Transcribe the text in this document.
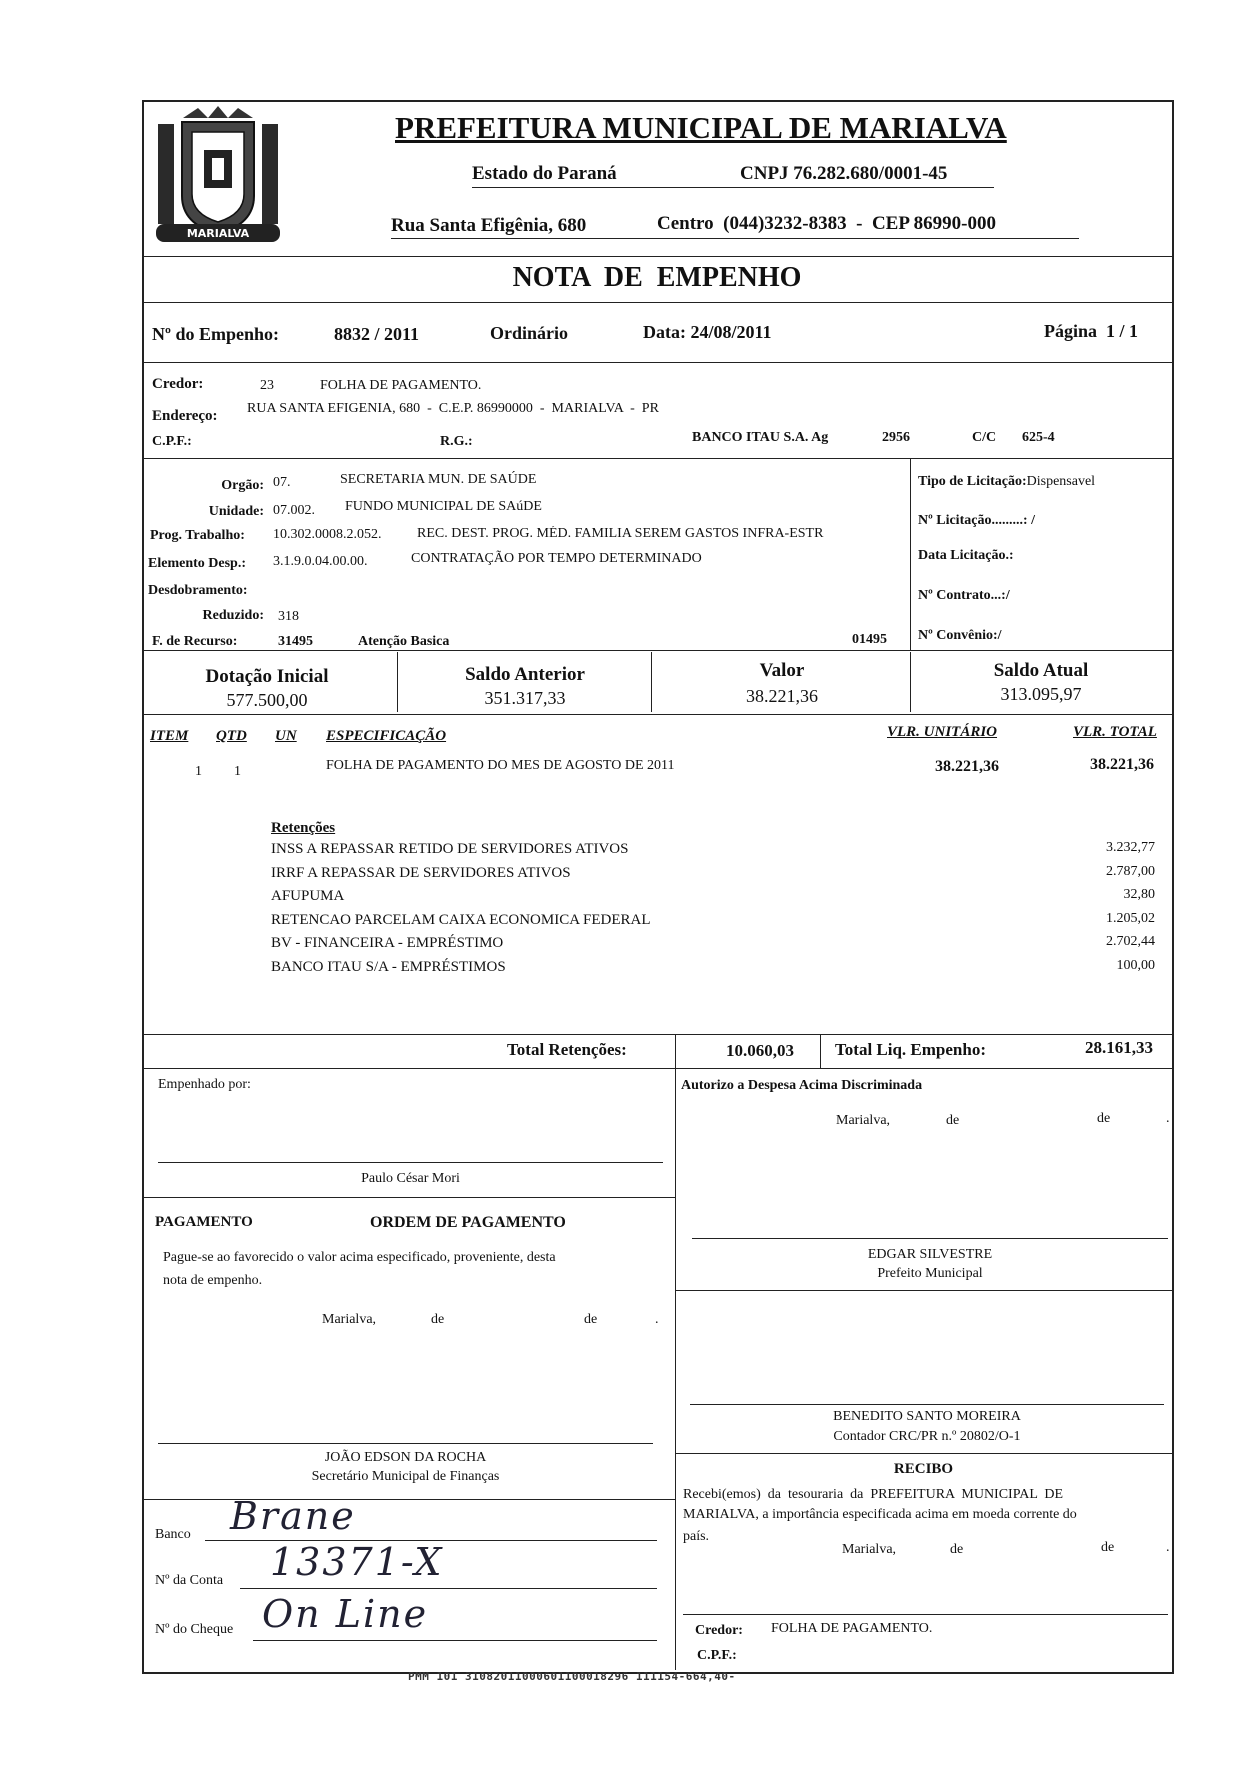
MARIALVA
PREFEITURA MUNICIPAL DE MARIALVA
Estado do Paraná	CNPJ 76.282.680/0001-45
Rua Santa Efigênia, 680	Centro  (044)3232-8383  -  CEP 86990-000
NOTA  DE  EMPENHO
Nº do Empenho:	8832 / 2011	Ordinário	Data: 24/08/2011	Página  1 / 1
Credor:	23	FOLHA DE PAGAMENTO.
Endereço: RUA SANTA EFIGENIA, 680  -  C.E.P. 86990000  -  MARIALVA  -  PR
C.P.F.:	R.G.:	BANCO ITAU S.A. Ag	2956	C/C 625-4
Orgão: 07.	SECRETARIA MUN. DE SAÚDE
Unidade: 07.002. FUNDO MUNICIPAL DE SAúDE
Prog. Trabalho: 10.302.0008.2.052.	REC. DEST. PROG. MÉD. FAMILIA SEREM GASTOS INFRA-ESTR
Elemento Desp.: 3.1.9.0.04.00.00.	CONTRATAÇÃO POR TEMPO DETERMINADO
Desdobramento:
Reduzido: 318
F. de Recurso:	31495	Atenção Basica	01495
Tipo de Licitação:Dispensavel
Nº Licitação.........: /
Data Licitação.:
Nº Contrato...:/
Nº Convênio:/
Dotação Inicial
577.500,00
Saldo Anterior
351.317,33
Valor
38.221,36
Saldo Atual
313.095,97
ITEM QTD UN ESPECIFICAÇÃO	VLR. UNITÁRIO	VLR. TOTAL
1 1	FOLHA DE PAGAMENTO DO MES DE AGOSTO DE 2011	38.221,36	38.221,36
Retenções
INSS A REPASSAR RETIDO DE SERVIDORES ATIVOS	3.232,77
IRRF A REPASSAR DE SERVIDORES ATIVOS	2.787,00
AFUPUMA	32,80
RETENCAO PARCELAM CAIXA ECONOMICA FEDERAL	1.205,02
BV - FINANCEIRA - EMPRÉSTIMO	2.702,44
BANCO ITAU S/A - EMPRÉSTIMOS	100,00
Total Retenções:	10.060,03 Total Liq. Empenho:	28.161,33
Empenhado por:
Paulo César Mori
PAGAMENTO	ORDEM DE PAGAMENTO
Pague-se ao favorecido o valor acima especificado, proveniente, desta
nota de empenho.
Marialva,	de	de	.
JOÃO EDSON DA ROCHA
Secretário Municipal de Finanças
Banco Brane
Nº da Conta 13371-X
Nº do Cheque On Line
Autorizo a Despesa Acima Discriminada
Marialva,	de	de	.
EDGAR SILVESTRE
Prefeito Municipal
BENEDITO SANTO MOREIRA
Contador CRC/PR n.º 20802/O-1
RECIBO
Recebi(emos)  da  tesouraria  da  PREFEITURA  MUNICIPAL  DE
MARIALVA, a importância especificada acima em moeda corrente do
país.
Marialva,	de	de	.
Credor: FOLHA DE PAGAMENTO.
C.P.F.:
PMM 101 31082011000601100018296 111154-664,40-
